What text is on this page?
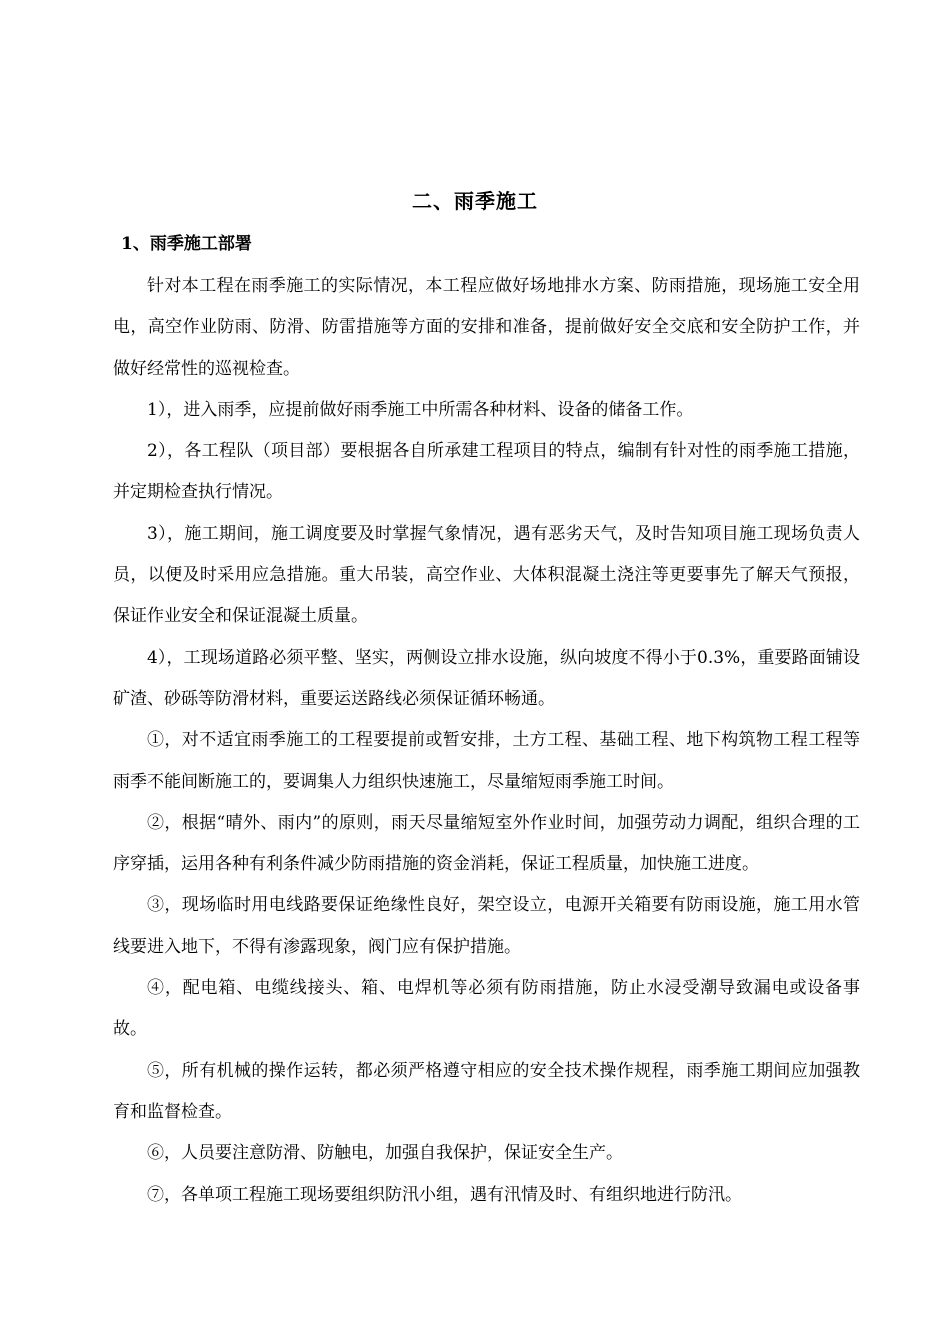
二、雨季施工
1、雨季施工部署

针对本工程在雨季施工的实际情况，本工程应做好场地排水方案、防雨措施，现场施工安全用电，高空作业防雨、防滑、防雷措施等方面的安排和准备，提前做好安全交底和安全防护工作，并做好经常性的巡视检查。

1），进入雨季，应提前做好雨季施工中所需各种材料、设备的储备工作。

2），各工程队（项目部）要根据各自所承建工程项目的特点，编制有针对性的雨季施工措施，并定期检查执行情况。

3），施工期间，施工调度要及时掌握气象情况，遇有恶劣天气，及时告知项目施工现场负责人员，以便及时采用应急措施。重大吊装，高空作业、大体积混凝土浇注等更要事先了解天气预报，保证作业安全和保证混凝土质量。

4），工现场道路必须平整、坚实，两侧设立排水设施，纵向坡度不得小于0.3%，重要路面铺设矿渣、砂砾等防滑材料，重要运送路线必须保证循环畅通。

①，对不适宜雨季施工的工程要提前或暂安排，土方工程、基础工程、地下构筑物工程工程等雨季不能间断施工的，要调集人力组织快速施工，尽量缩短雨季施工时间。

②，根据“晴外、雨内”的原则，雨天尽量缩短室外作业时间，加强劳动力调配，组织合理的工序穿插，运用各种有利条件减少防雨措施的资金消耗，保证工程质量，加快施工进度。

③，现场临时用电线路要保证绝缘性良好，架空设立，电源开关箱要有防雨设施，施工用水管线要进入地下，不得有渗露现象，阀门应有保护措施。

④，配电箱、电缆线接头、箱、电焊机等必须有防雨措施，防止水浸受潮导致漏电或设备事故。

⑤，所有机械的操作运转，都必须严格遵守相应的安全技术操作规程，雨季施工期间应加强教育和监督检查。

⑥，人员要注意防滑、防触电，加强自我保护，保证安全生产。

⑦，各单项工程施工现场要组织防汛小组，遇有汛情及时、有组织地进行防汛。
